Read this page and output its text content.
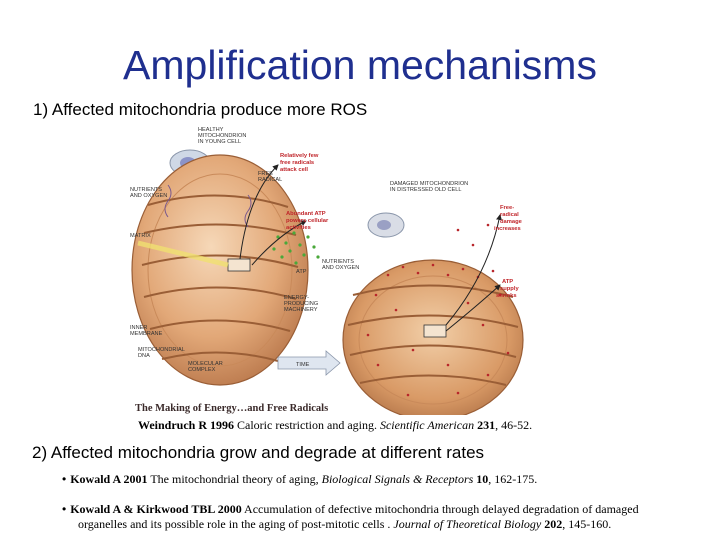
Amplification mechanisms
1) Affected mitochondria produce more ROS
TIME
HEALTHY
MITOCHONDRION
IN YOUNG CELL
NUTRIENTS
AND OXYGEN
MATRIX
FREE
RADICAL
Relatively few
free radicals
attack cell
Abundant ATP
powers cellular
activities
ATP
NUTRIENTS
AND OXYGEN
ENERGY-
PRODUCING
MACHINERY
INNER
MEMBRANE
MITOCHONDRIAL
DNA
MOLECULAR
COMPLEX
DAMAGED MITOCHONDRION
IN DISTRESSED OLD CELL
Free-
radical
damage
increases
ATP
supply
shrinks
The Making of Energy…and Free Radicals
Weindruch R 1996 Caloric restriction and aging. Scientific American 231, 46-52.
2) Affected mitochondria grow and degrade at different rates
• Kowald A 2001 The mitochondrial theory of aging, Biological Signals & Receptors 10, 162-175.
• Kowald A & Kirkwood TBL 2000 Accumulation of defective mitochondria through delayed degradation of damaged
organelles and its possible role in the aging of post-mitotic cells . Journal of Theoretical Biology 202, 145-160.
